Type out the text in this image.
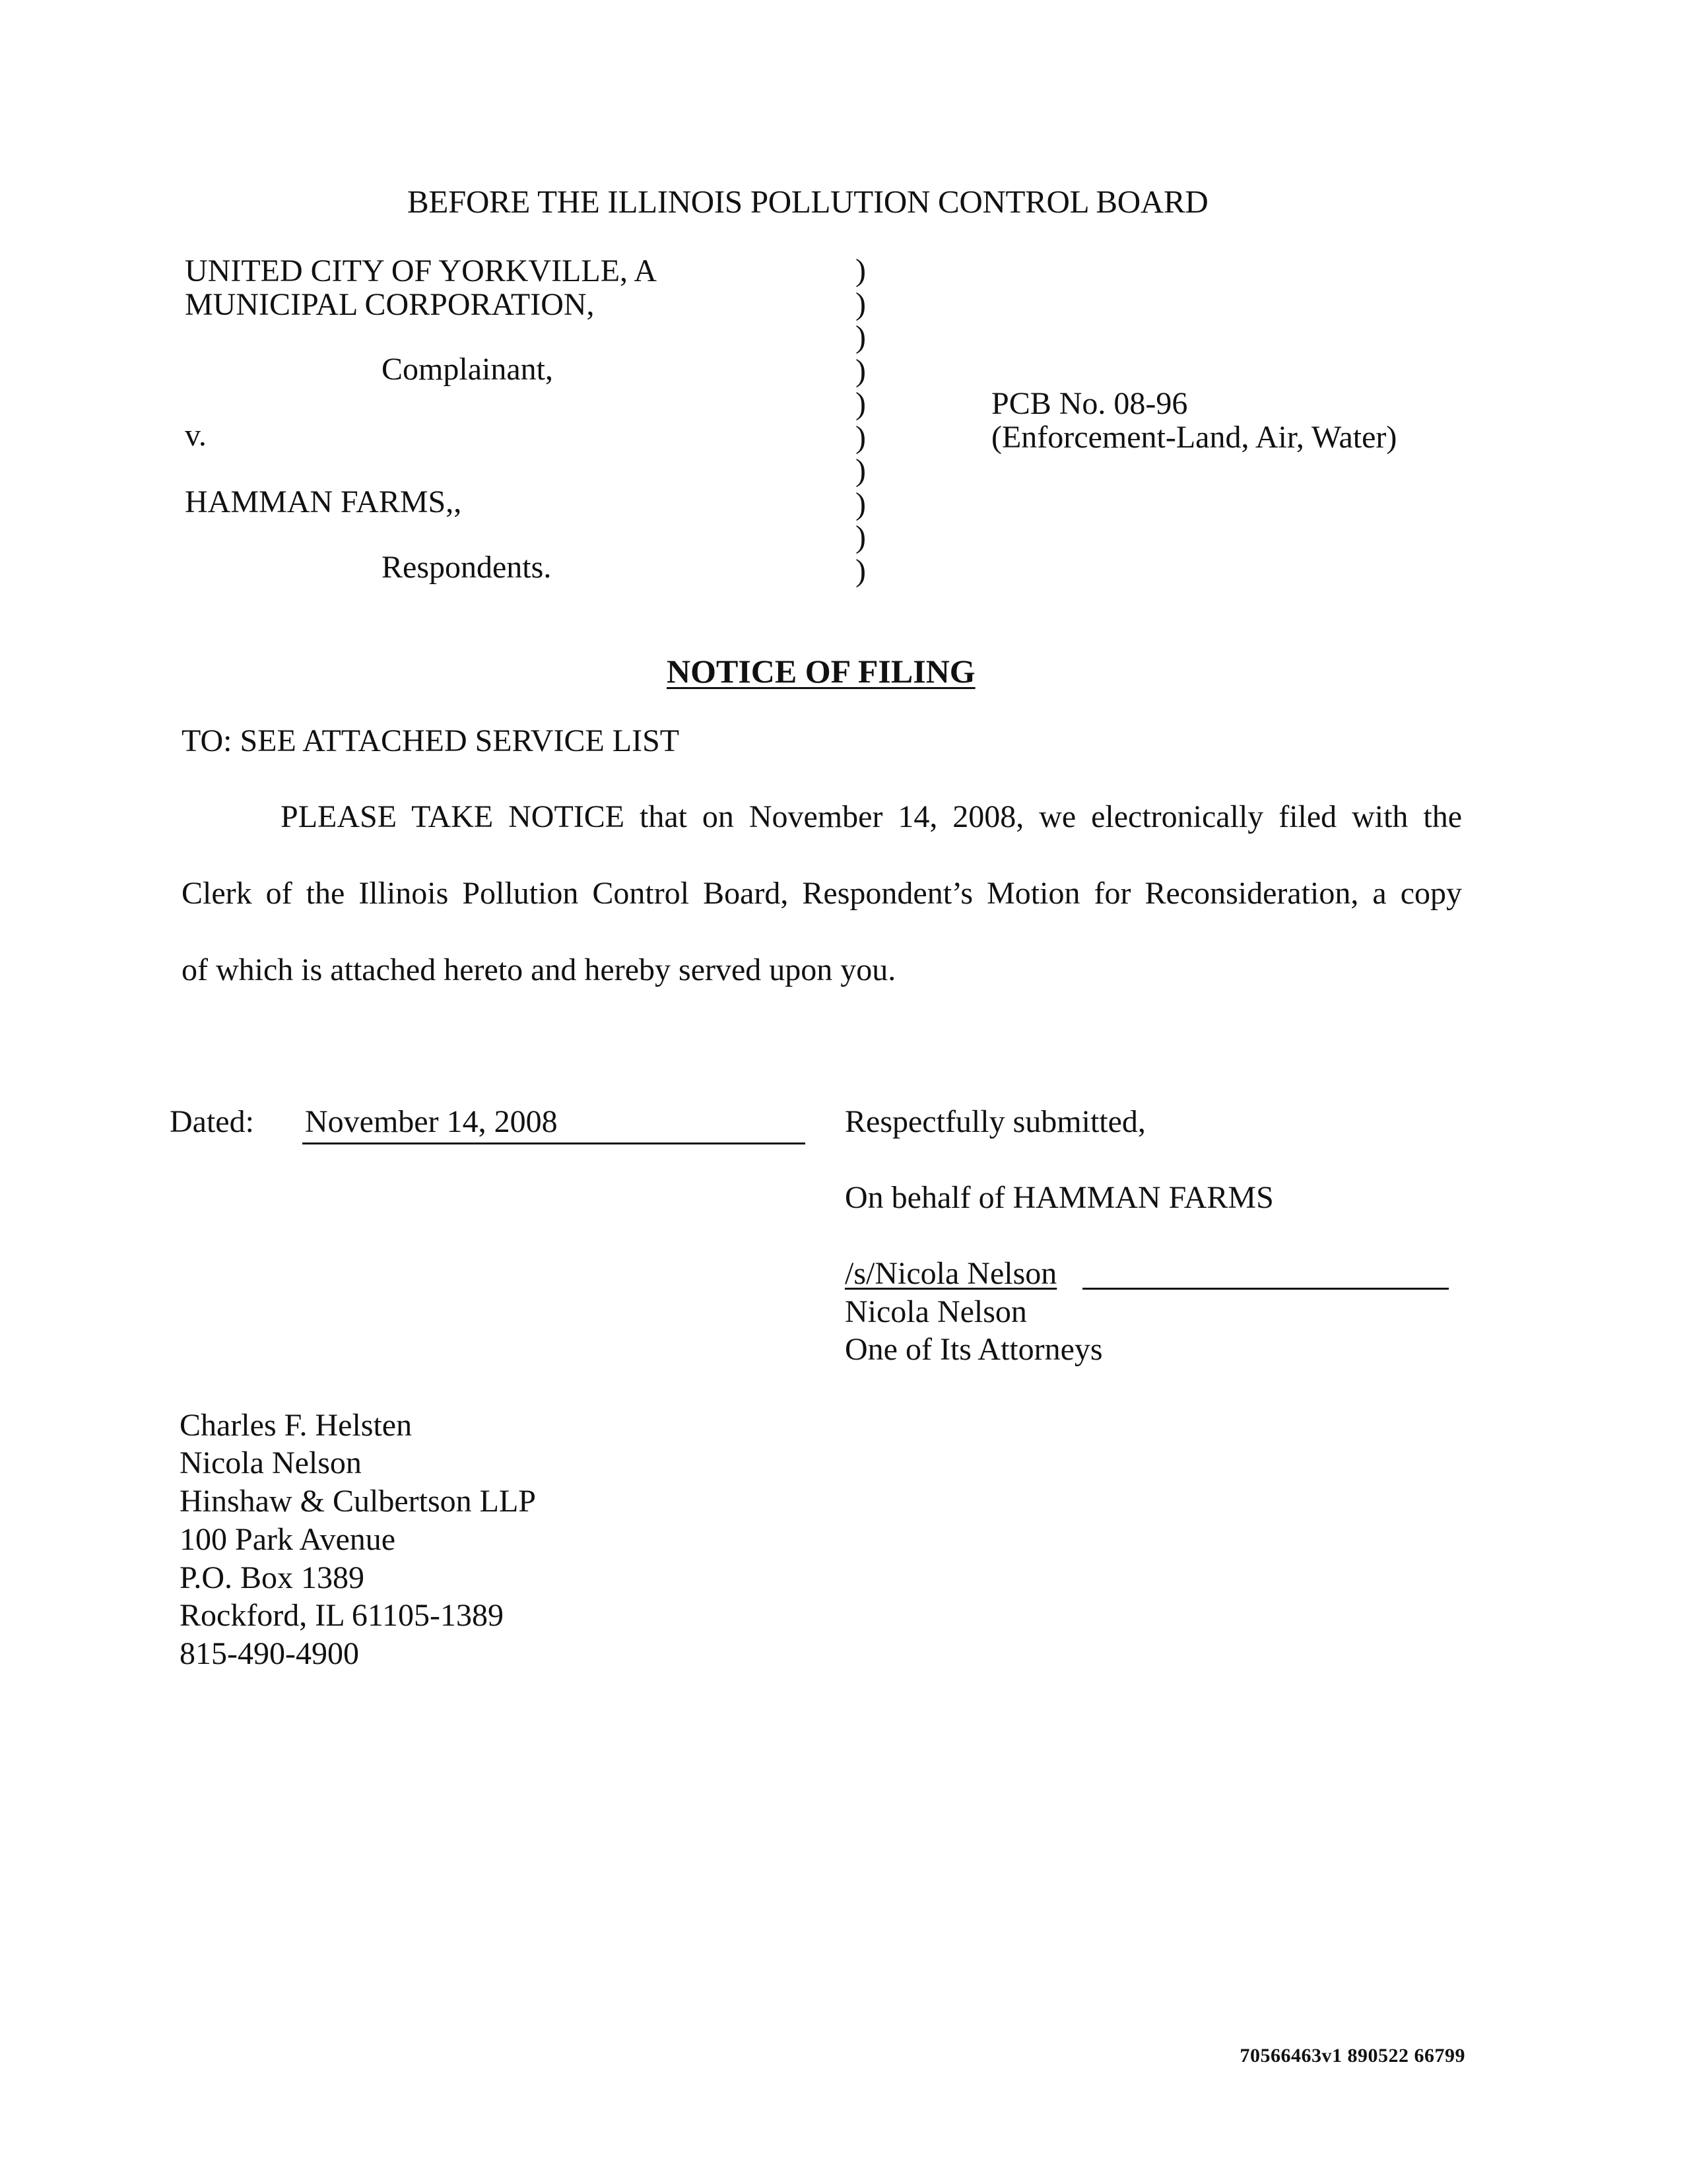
BEFORE THE ILLINOIS POLLUTION CONTROL BOARD
UNITED CITY OF YORKVILLE, A
MUNICIPAL CORPORATION,
Complainant,
v.
HAMMAN FARMS,,
Respondents.
)
)
)
)
)
)
)
)
)
)
PCB No. 08-96
(Enforcement-Land, Air, Water)
NOTICE OF FILING
TO: SEE ATTACHED SERVICE LIST
PLEASE TAKE NOTICE that on November 14, 2008, we electronically filed with the
Clerk of the Illinois Pollution Control Board, Respondent’s Motion for Reconsideration, a copy
of which is attached hereto and hereby served upon you.
Dated: November 14, 2008	Respectfully submitted,
On behalf of HAMMAN FARMS
/s/Nicola Nelson
Nicola Nelson
One of Its Attorneys
Charles F. Helsten
Nicola Nelson
Hinshaw & Culbertson LLP
100 Park Avenue
P.O. Box 1389
Rockford, IL 61105-1389
815-490-4900
70566463v1 890522 66799
